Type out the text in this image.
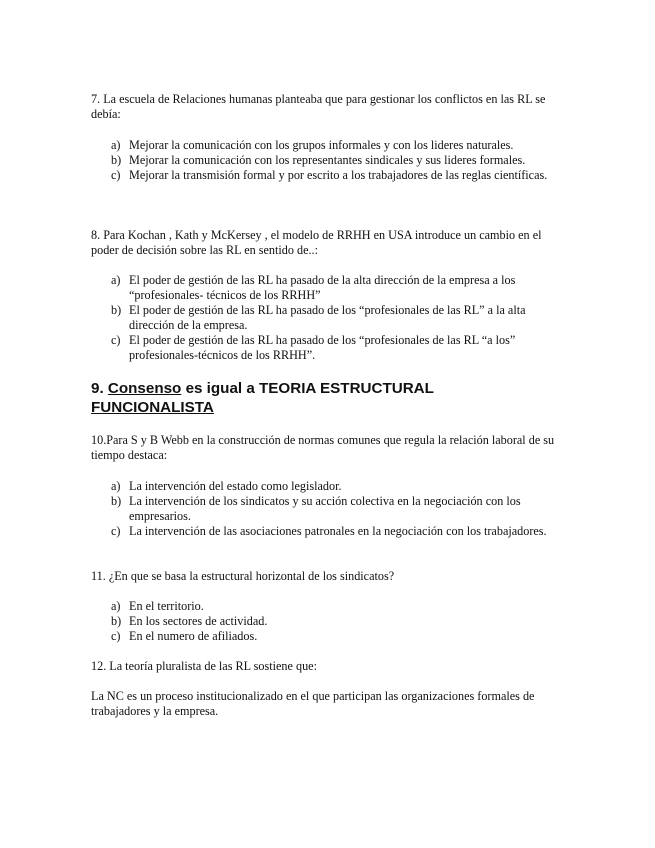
7. La escuela de Relaciones humanas planteaba que para gestionar los conflictos en las RL se debía:

a) Mejorar la comunicación con los grupos informales y con los lideres naturales.
b) Mejorar la comunicación con los representantes sindicales y sus lideres formales.
c) Mejorar la transmisión formal y por escrito a los trabajadores de las reglas científicas.

8. Para Kochan , Kath y McKersey , el modelo de RRHH en USA introduce un cambio en el poder de decisión sobre las RL en sentido de..:

a) El poder de gestión de las RL ha pasado de la alta dirección de la empresa a los “profesionales- técnicos de los RRHH”
b) El poder de gestión de las RL ha pasado de los “profesionales de las RL” a la alta dirección de la empresa.
c) El poder de gestión de las RL ha pasado de los “profesionales de las RL “a los” profesionales-técnicos de los RRHH”.
9. Consenso es igual a TEORIA ESTRUCTURAL
FUNCIONALISTA

10.Para S y B Webb en la construcción de normas comunes que regula la relación laboral de su tiempo destaca:

a) La intervención del estado como legislador.
b) La intervención de los sindicatos y su acción colectiva en la negociación con los empresarios.
c) La intervención de las asociaciones patronales en la negociación con los trabajadores.

11. ¿En que se basa la estructural horizontal de los sindicatos?

a) En el territorio.
b) En los sectores de actividad.
c) En el numero de afiliados.

12. La teoría pluralista de las RL sostiene que:

La NC es un proceso institucionalizado en el que participan las organizaciones formales de trabajadores y la empresa.
